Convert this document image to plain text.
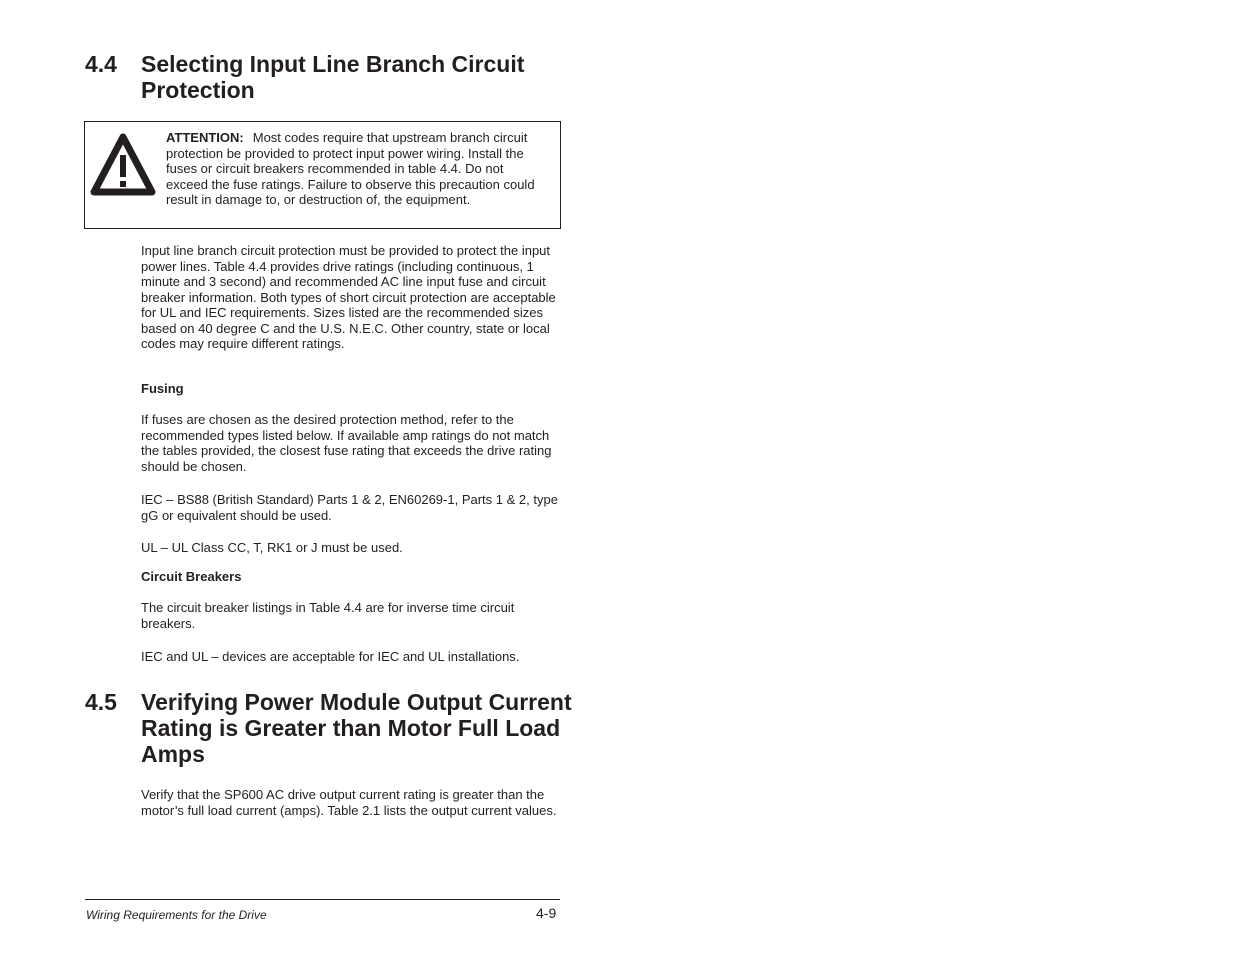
4.4 Selecting Input Line Branch Circuit Protection
ATTENTION: Most codes require that upstream branch circuit protection be provided to protect input power wiring. Install the fuses or circuit breakers recommended in table 4.4. Do not exceed the fuse ratings. Failure to observe this precaution could result in damage to, or destruction of, the equipment.

Input line branch circuit protection must be provided to protect the input power lines. Table 4.4 provides drive ratings (including continuous, 1 minute and 3 second) and recommended AC line input fuse and circuit breaker information. Both types of short circuit protection are acceptable for UL and IEC requirements. Sizes listed are the recommended sizes based on 40 degree C and the U.S. N.E.C. Other country, state or local codes may require different ratings.

Fusing

If fuses are chosen as the desired protection method, refer to the recommended types listed below. If available amp ratings do not match the tables provided, the closest fuse rating that exceeds the drive rating should be chosen.

IEC – BS88 (British Standard) Parts 1 & 2, EN60269-1, Parts 1 & 2, type gG or equivalent should be used.

UL – UL Class CC, T, RK1 or J must be used.

Circuit Breakers

The circuit breaker listings in Table 4.4 are for inverse time circuit breakers.

IEC and UL – devices are acceptable for IEC and UL installations.

4.5 Verifying Power Module Output Current Rating is Greater than Motor Full Load Amps

Verify that the SP600 AC drive output current rating is greater than the motor’s full load current (amps). Table 2.1 lists the output current values.

Wiring Requirements for the Drive	4-9
